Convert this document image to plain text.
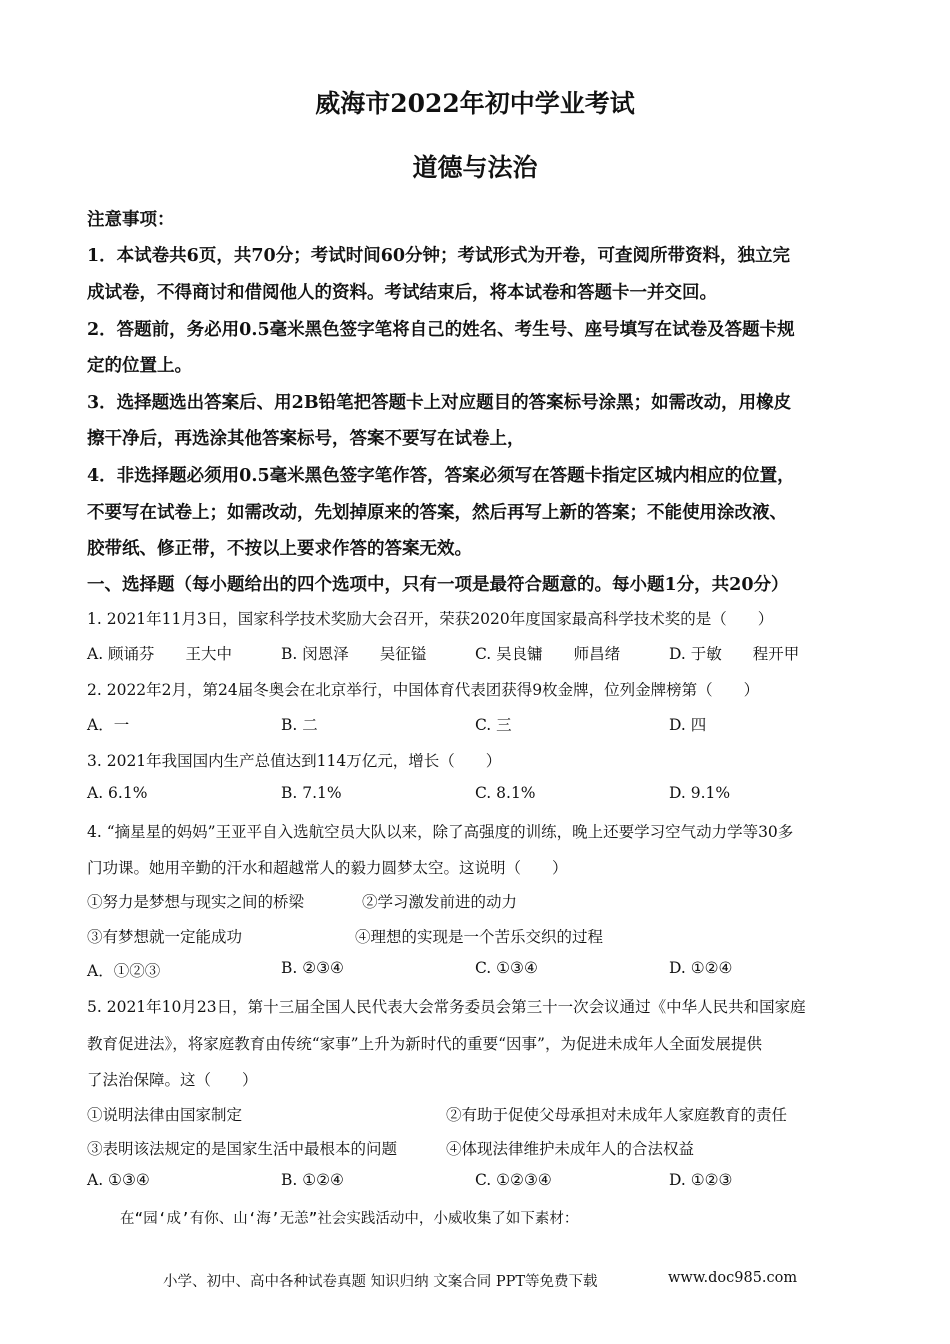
威海市2022年初中学业考试
道德与法治
注意事项：
1．本试卷共6页，共70分；考试时间60分钟；考试形式为开卷，可查阅所带资料，独立完
成试卷，不得商讨和借阅他人的资料。考试结束后，将本试卷和答题卡一并交回。
2．答题前，务必用0.5毫米黑色签字笔将自己的姓名、考生号、座号填写在试卷及答题卡规
定的位置上。
3．选择题选出答案后、用2B铅笔把答题卡上对应题目的答案标号涂黑；如需改动，用橡皮
擦干净后，再选涂其他答案标号，答案不要写在试卷上，
4．非选择题必须用0.5毫米黑色签字笔作答，答案必须写在答题卡指定区城内相应的位置，
不要写在试卷上；如需改动，先划掉原来的答案，然后再写上新的答案；不能使用涂改液、
胶带纸、修正带，不按以上要求作答的答案无效。
一、选择题（每小题给出的四个选项中，只有一项是最符合题意的。每小题1分，共20分）
1. 2021年11月3日，国家科学技术奖励大会召开，荣获2020年度国家最高科学技术奖的是（　　）
A. 顾诵芬　　王大中	B. 闵恩泽　　吴征镒	C. 吴良镛　　师昌绪	D. 于敏　　程开甲
2. 2022年2月，第24届冬奥会在北京举行，中国体育代表团获得9枚金牌，位列金牌榜第（　　）
A．一	B. 二	C. 三	D. 四
3. 2021年我国国内生产总值达到114万亿元，增长（　　）
A. 6.1%	B. 7.1%	C. 8.1%	D. 9.1%
4. “摘星星的妈妈”王亚平自入选航空员大队以来，除了高强度的训练，晚上还要学习空气动力学等30多
门功课。她用辛勤的汗水和超越常人的毅力圆梦太空。这说明（　　）
①努力是梦想与现实之间的桥梁	②学习激发前进的动力
③有梦想就一定能成功	④理想的实现是一个苦乐交织的过程
A．①②③	B. ②③④	C. ①③④	D. ①②④
5. 2021年10月23日，第十三届全国人民代表大会常务委员会第三十一次会议通过《中华人民共和国家庭
教育促进法》，将家庭教育由传统“家事”上升为新时代的重要“因事”，为促进未成年人全面发展提供
了法治保障。这（　　）
①说明法律由国家制定	②有助于促使父母承担对未成年人家庭教育的责任
③表明该法规定的是国家生活中最根本的问题	④体现法律维护未成年人的合法权益
A. ①③④	B. ①②④	C. ①②③④	D. ①②③
在“园‘成’有你、山‘海’无恙”社会实践活动中，小威收集了如下素材：
小学、初中、高中各种试卷真题 知识归纳 文案合同 PPT等免费下载	www.doc985.com
